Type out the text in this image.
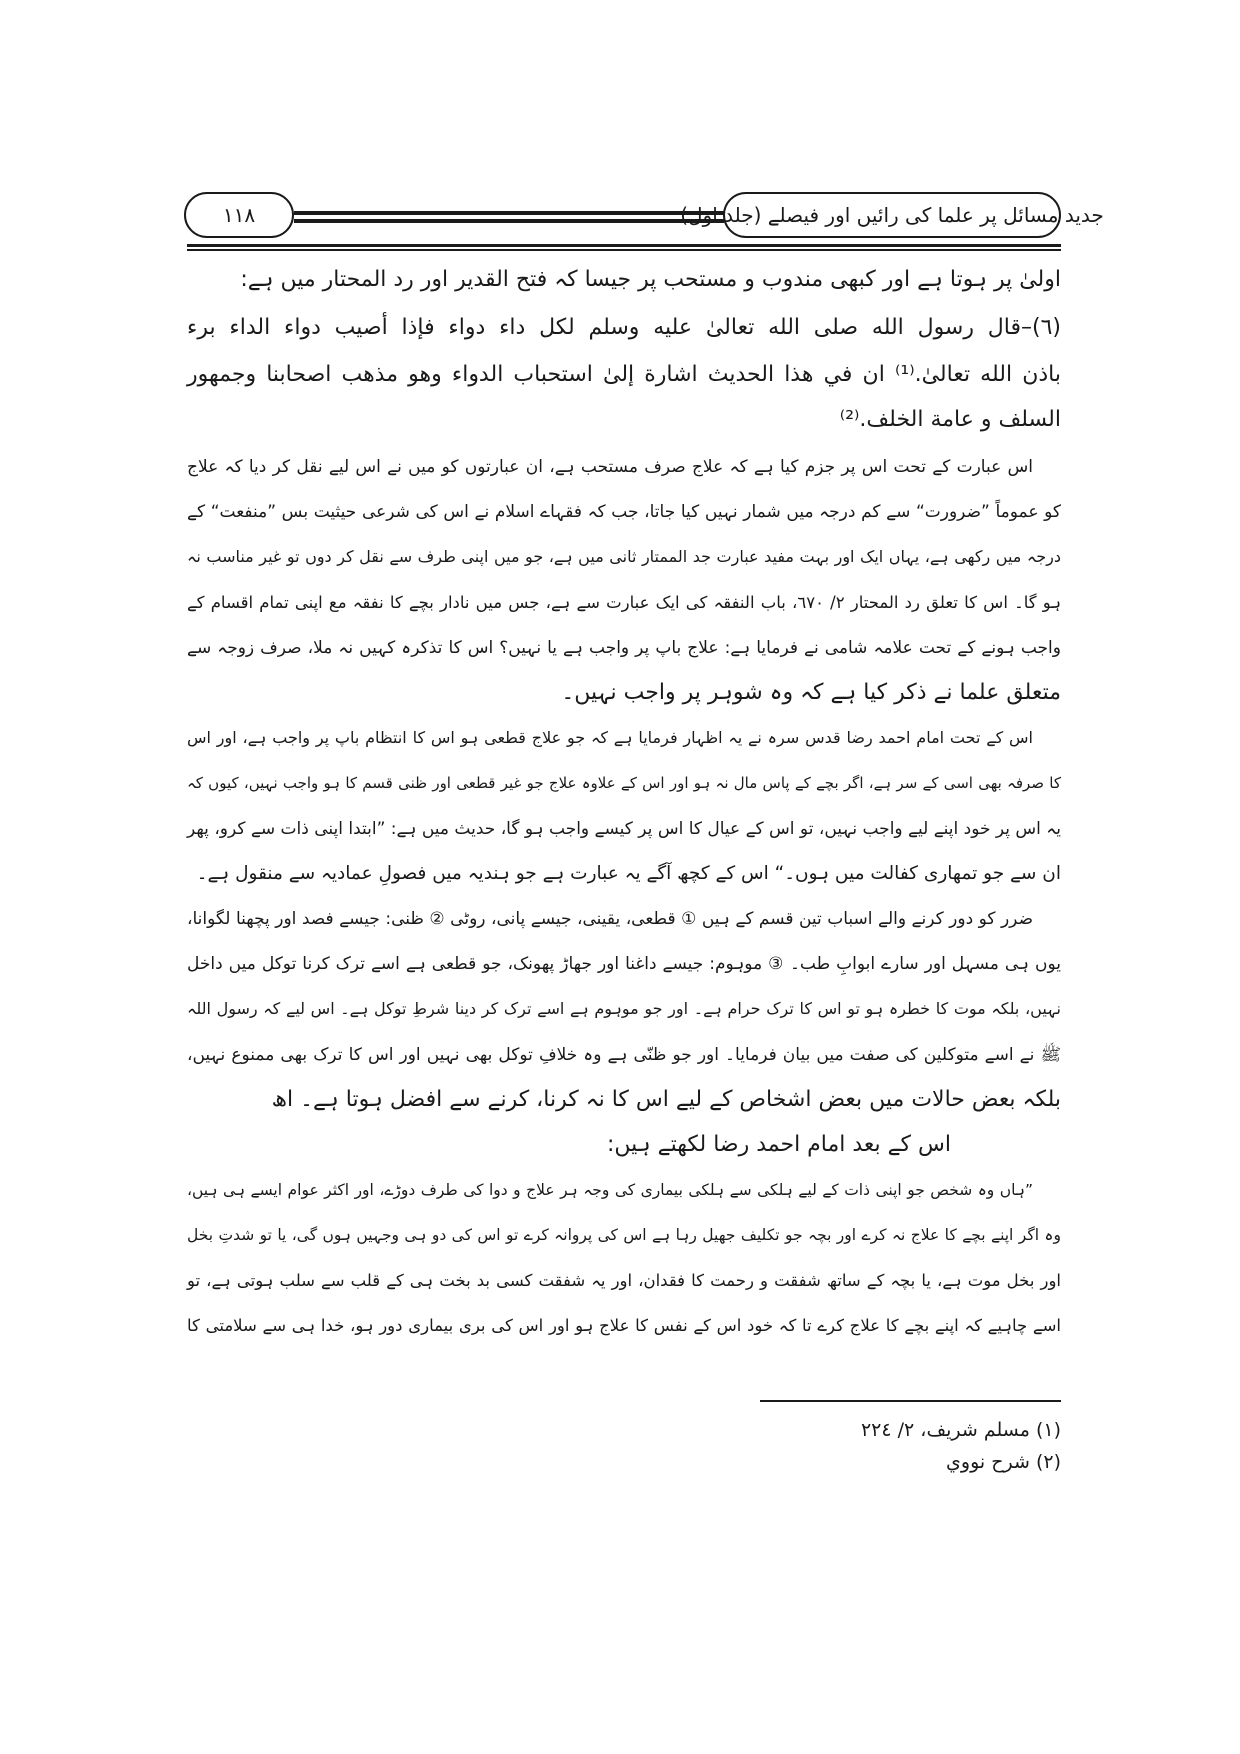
١١٨	جدید مسائل پر علما کی رائیں اور فیصلے (جلد اول)
اولیٰ پر ہوتا ہے اور کبھی مندوب و مستحب پر جیسا کہ فتح القدیر اور رد المحتار میں ہے:
(٦)–قال رسول الله صلى الله تعالىٰ عليه وسلم لكل داء دواء فإذا أصيب دواء الداء برء
باذن الله تعالىٰ.⁽¹⁾ ان في هذا الحديث اشارة إلىٰ استحباب الدواء وهو مذهب اصحابنا وجمهور
السلف و عامة الخلف.⁽²⁾
اس عبارت کے تحت اس پر جزم کیا ہے کہ علاج صرف مستحب ہے، ان عبارتوں کو میں نے اس لیے نقل کر دیا کہ علاج
کو عموماً ”ضرورت“ سے کم درجہ میں شمار نہیں کیا جاتا، جب کہ فقہاے اسلام نے اس کی شرعی حیثیت بس ”منفعت“ کے
درجہ میں رکھی ہے، یہاں ایک اور بہت مفید عبارت جد الممتار ثانی میں ہے، جو میں اپنی طرف سے نقل کر دوں تو غیر مناسب نہ
ہو گا۔ اس کا تعلق رد المحتار ٢/ ٦٧٠، باب النفقہ کی ایک عبارت سے ہے، جس میں نادار بچے کا نفقہ مع اپنی تمام اقسام کے
واجب ہونے کے تحت علامہ شامی نے فرمایا ہے: علاج باپ پر واجب ہے یا نہیں؟ اس کا تذکرہ کہیں نہ ملا، صرف زوجہ سے
متعلق علما نے ذکر کیا ہے کہ وہ شوہر پر واجب نہیں۔
اس کے تحت امام احمد رضا قدس سرہ نے یہ اظہار فرمایا ہے کہ جو علاج قطعی ہو اس کا انتظام باپ پر واجب ہے، اور اس
کا صرفہ بھی اسی کے سر ہے، اگر بچے کے پاس مال نہ ہو اور اس کے علاوہ علاج جو غیر قطعی اور ظنی قسم کا ہو واجب نہیں، کیوں کہ
یہ اس پر خود اپنے لیے واجب نہیں، تو اس کے عیال کا اس پر کیسے واجب ہو گا، حدیث میں ہے: ”ابتدا اپنی ذات سے کرو، پھر
ان سے جو تمھاری کفالت میں ہوں۔“ اس کے کچھ آگے یہ عبارت ہے جو ہندیہ میں فصولِ عمادیہ سے منقول ہے۔
ضرر کو دور کرنے والے اسباب تین قسم کے ہیں ① قطعی، یقینی، جیسے پانی، روٹی ② ظنی: جیسے فصد اور پچھنا لگوانا،
یوں ہی مسہل اور سارے ابوابِ طب۔ ③ موہوم: جیسے داغنا اور جھاڑ پھونک، جو قطعی ہے اسے ترک کرنا توکل میں داخل
نہیں، بلکہ موت کا خطرہ ہو تو اس کا ترک حرام ہے۔ اور جو موہوم ہے اسے ترک کر دینا شرطِ توکل ہے۔ اس لیے کہ رسول اللہ
ﷺ نے اسے متوکلین کی صفت میں بیان فرمایا۔ اور جو ظنّی ہے وہ خلافِ توکل بھی نہیں اور اس کا ترک بھی ممنوع نہیں،
بلکہ بعض حالات میں بعض اشخاص کے لیے اس کا نہ کرنا، کرنے سے افضل ہوتا ہے۔ اھ
اس کے بعد امام احمد رضا لکھتے ہیں:
”ہاں وہ شخص جو اپنی ذات کے لیے ہلکی سے ہلکی بیماری کی وجہ ہر علاج و دوا کی طرف دوڑے، اور اکثر عوام ایسے ہی ہیں،
وہ اگر اپنے بچے کا علاج نہ کرے اور بچہ جو تکلیف جھیل رہا ہے اس کی پروانہ کرے تو اس کی دو ہی وجہیں ہوں گی، یا تو شدتِ بخل
اور بخل موت ہے، یا بچہ کے ساتھ شفقت و رحمت کا فقدان، اور یہ شفقت کسی بد بخت ہی کے قلب سے سلب ہوتی ہے، تو
اسے چاہیے کہ اپنے بچے کا علاج کرے تا کہ خود اس کے نفس کا علاج ہو اور اس کی بری بیماری دور ہو، خدا ہی سے سلامتی کا
(١) مسلم شريف، ٢/ ٢٢٤
(٢) شرح نووي
